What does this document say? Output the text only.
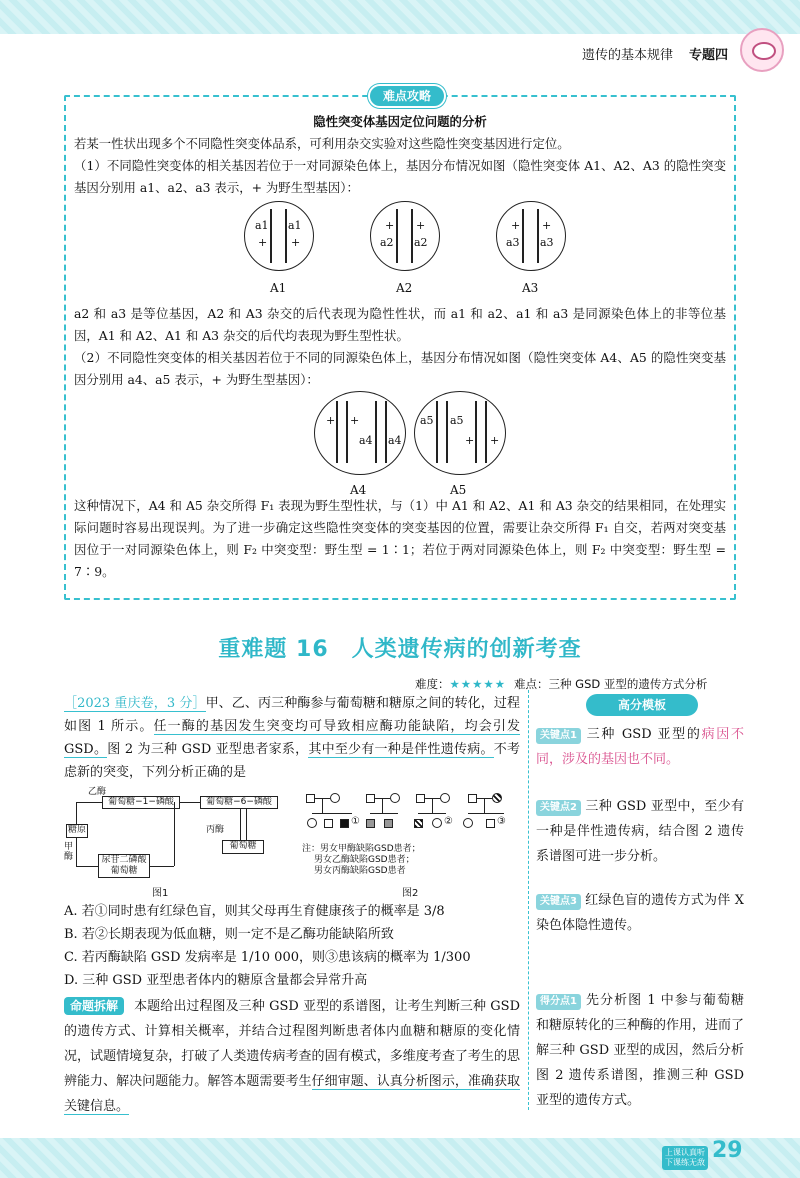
遗传的基本规律 专题四
难点攻略
隐性突变体基因定位问题的分析

若某一性状出现多个不同隐性突变体品系，可利用杂交实验对这些隐性突变基因进行定位。

（1）不同隐性突变体的相关基因若位于一对同源染色体上，基因分布情况如图（隐性突变体 A1、A2、A3 的隐性突变基因分别用 a1、a2、a3 表示，+ 为野生型基因）：

a1 a1
+ +
A1
+ +
a2 a2
A2
+ +
a3 a3
A3

a2 和 a3 是等位基因，A2 和 A3 杂交的后代表现为隐性性状，而 a1 和 a2、a1 和 a3 是同源染色体上的非等位基因，A1 和 A2、A1 和 A3 杂交的后代均表现为野生型性状。

（2）不同隐性突变体的相关基因若位于不同的同源染色体上，基因分布情况如图（隐性突变体 A4、A5 的隐性突变基因分别用 a4、a5 表示，+ 为野生型基因）：

+ +
a4 a4
A4
a5 a5
+ +
A5

这种情况下，A4 和 A5 杂交所得 F₁ 表现为野生型性状，与（1）中 A1 和 A2、A1 和 A3 杂交的结果相同，在处理实际问题时容易出现误判。为了进一步确定这些隐性突变体的突变基因的位置，需要让杂交所得 F₁ 自交，若两对突变基因位于一对同源染色体上，则 F₂ 中突变型：野生型 = 1∶1；若位于两对同源染色体上，则 F₂ 中突变型：野生型 = 7∶9。

重难题 16　人类遗传病的创新考查
难度：★★★★★ 难点：三种 GSD 亚型的遗传方式分析
［2023 重庆卷，3 分］甲、乙、丙三种酶参与葡萄糖和糖原之间的转化，过程如图 1 所示。任一酶的基因发生突变均可导致相应酶功能缺陷，均会引发 GSD。图 2 为三种 GSD 亚型患者家系，其中至少有一种是伴性遗传病。不考虑新的突变，下列分析正确的是
葡萄糖−1−磷酸	葡萄糖−6−磷酸
糖原
尿苷二磷酸葡萄糖
葡萄糖
乙酶
甲酶
丙酶
图1
①	②	③
注：男女甲酶缺陷GSD患者；
男女乙酶缺陷GSD患者；
男女丙酶缺陷GSD患者
图2
A. 若①同时患有红绿色盲，则其父母再生育健康孩子的概率是 3/8
B. 若②长期表现为低血糖，则一定不是乙酶功能缺陷所致
C. 若丙酶缺陷 GSD 发病率是 1/10 000，则③患该病的概率为 1/300
D. 三种 GSD 亚型患者体内的糖原含量都会异常升高
命题拆解 本题给出过程图及三种 GSD 亚型的系谱图，让考生判断三种 GSD 的遗传方式、计算相关概率，并结合过程图判断患者体内血糖和糖原的变化情况，试题情境复杂，打破了人类遗传病考查的固有模式，多维度考查了考生的思辨能力、解决问题能力。解答本题需要考生仔细审题、认真分析图示，准确获取关键信息。
高分模板
关键点1 三种 GSD 亚型的病因不同，涉及的基因也不同。
关键点2 三种 GSD 亚型中，至少有一种是伴性遗传病，结合图 2 遗传系谱图可进一步分析。
关键点3 红绿色盲的遗传方式为伴 X 染色体隐性遗传。
得分点1 先分析图 1 中参与葡萄糖和糖原转化的三种酶的作用，进而了解三种 GSD 亚型的成因，然后分析图 2 遗传系谱图，推测三种 GSD 亚型的遗传方式。
上课认真听 下课练无敌 29
